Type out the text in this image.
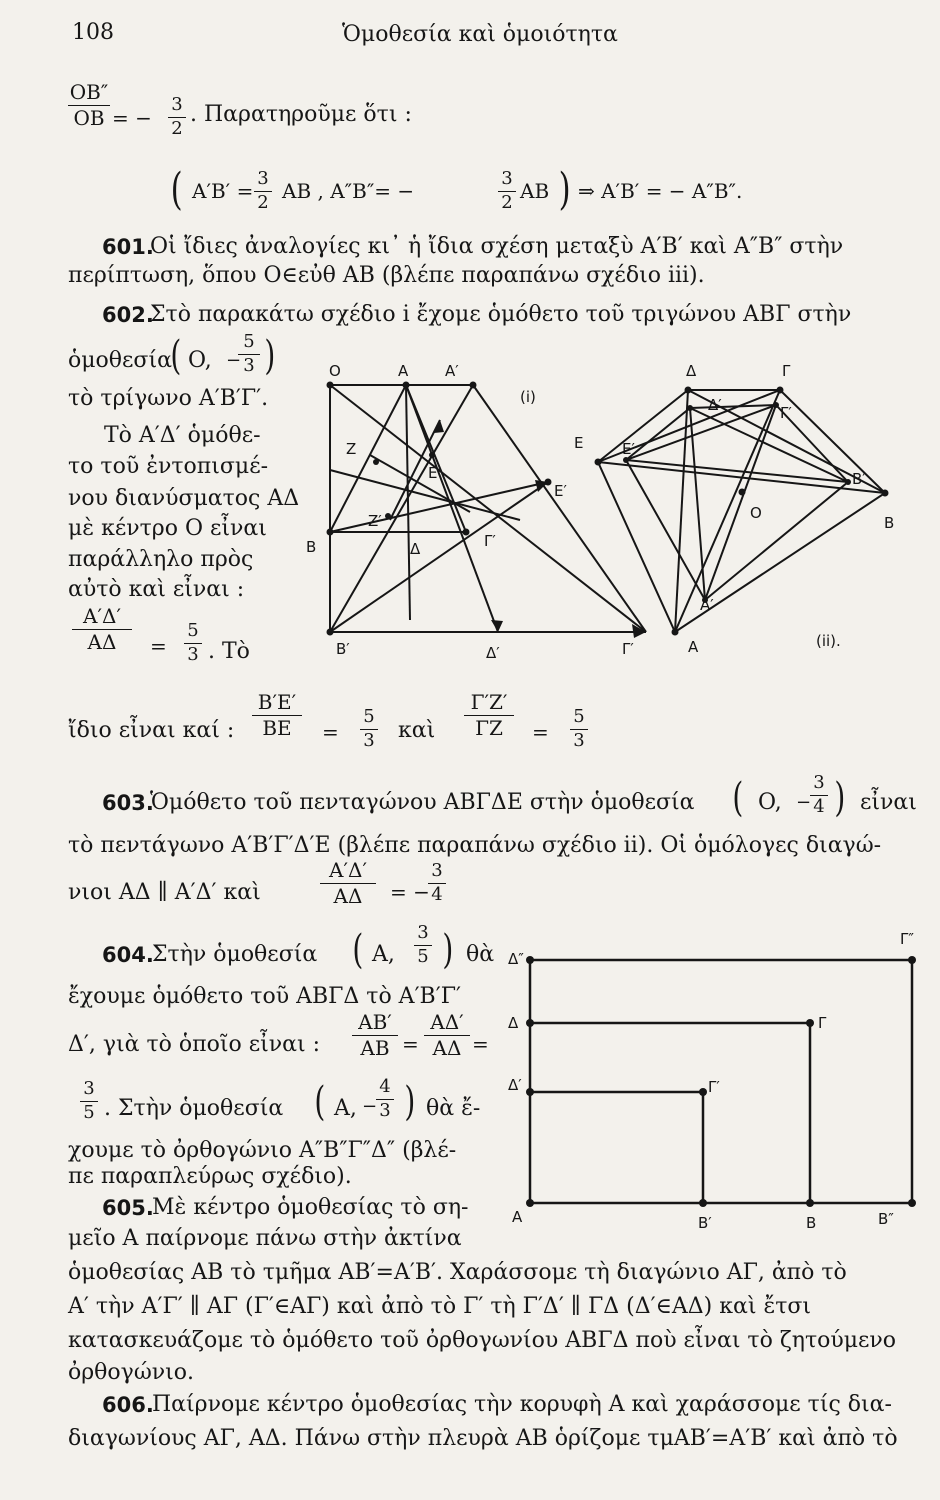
108	Ὁμοθεσία καὶ ὁμοιότητα
OB″
OB = −
3
2
. Παρατηροῦμε ὅτι :
( A′B′ =
3
2 AB , A″B″= −
3
2 AB ) ⇒ A′B′ = − A″B″.
601.
Οἱ ἴδιες ἀναλογίες κι᾽ ἡ ἴδια σχέση μεταξὺ A′B′ καὶ A″B″ στὴν
περίπτωση, ὅπου O∈εὐθ AB (βλέπε παραπάνω σχέδιο iii).
602.
Στὸ παρακάτω σχέδιο i ἔχομε ὁμόθετο τοῦ τριγώνου AΒΓ στὴν
ὁμοθεσία
( O,
5
3
− )
τὸ τρίγωνο A′B′Γ′.
Τὸ A′Δ′ ὁμόθε-
το τοῦ ἐντοπισμέ-
νου διανύσματος AΔ
μὲ κέντρο O εἶναι
παράλληλο πρὸς
αὐτὸ καὶ εἶναι :
A′Δ′
AΔ	=
5
3 . Τὸ
ἴδιο εἶναι καί :
B′E′
BE	=
5
3 καὶ
Γ′Z′
ΓZ	=
5
3
603.
Ὁμόθετο τοῦ πενταγώνου AΒΓΔE στὴν ὁμοθεσία ( O, −
3
4 ) εἶναι
τὸ πεντάγωνο A′B′Γ′Δ′E (βλέπε παραπάνω σχέδιο ii). Οἱ ὁμόλογες διαγώ-
νιοι AΔ ∥ A′Δ′ καὶ
A′Δ′
AΔ	= −
3
4
604.
Στὴν ὁμοθεσία ( A,
3
5 ) θὰ
ἔχουμε ὁμόθετο τοῦ AΒΓΔ τὸ A′B′Γ′
Δ′, γιὰ τὸ ὁποῖο εἶναι :
AB′
AB =
AΔ′
AΔ =
3
5 . Στὴν ὁμοθεσία ( A,
4
3
− ) θὰ ἔ-
χουμε τὸ ὀρθογώνιο A″B″Γ″Δ″ (βλέ-
πε παραπλεύρως σχέδιο).
605.
Μὲ κέντρο ὁμοθεσίας τὸ ση-
μεῖο A παίρνομε πάνω στὴν ἀκτίνα
ὁμοθεσίας AB τὸ τμῆμα AB′=A′B′. Χαράσσομε τὴ διαγώνιο AΓ, ἀπὸ τὸ
A′ τὴν A′Γ′ ∥ AΓ (Γ′∈AΓ) καὶ ἀπὸ τὸ Γ′ τὴ Γ′Δ′ ∥ ΓΔ (Δ′∈AΔ) καὶ ἔτσι
κατασκευάζομε τὸ ὁμόθετο τοῦ ὀρθογωνίου AΒΓΔ ποὺ εἶναι τὸ ζητούμενο
ὀρθογώνιο.
606.
Παίρνομε κέντρο ὁμοθεσίας τὴν κορυφὴ A καὶ χαράσσομε τίς δια-
διαγωνίους AΓ, AΔ. Πάνω στὴν πλευρὰ AB ὁρίζομε τμAB′=A′B′ καὶ ἀπὸ τὸ
O	A A′
Z
E
E′
Z′
B	Δ	Γ′
B′	Δ′	Γ′
(i)
Δ	Γ
Δ′	Γ′
E	E′
B′
O
B
A′
A	(ii).
Δ″
Γ″
Δ	Γ
Δ′	Γ′
A	B′	B	B″
